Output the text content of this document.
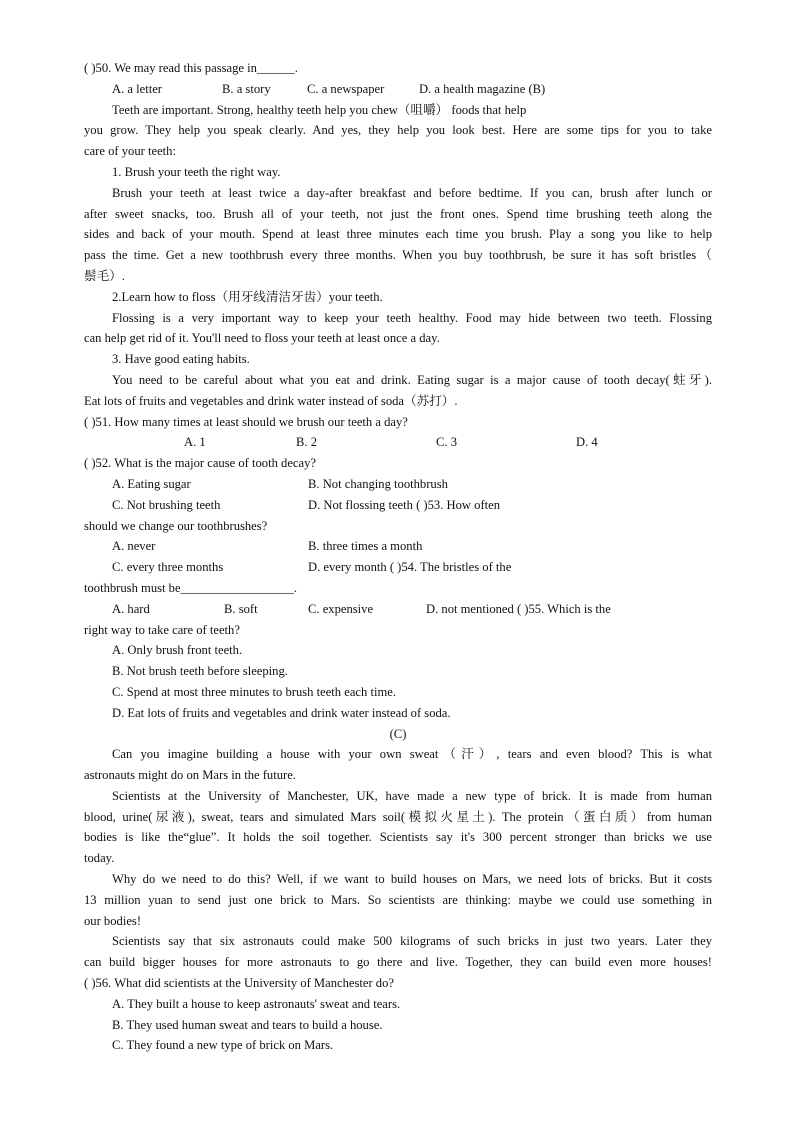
( )50. We may read this passage in______.
A. a letter	B. a story	C. a newspaper	D. a health magazine (B)
Teeth are important. Strong, healthy teeth help you chew（咀嚼） foods that help
you grow. They help you speak clearly. And yes, they help you look best. Here are some tips for you to take
care of your teeth:
1. Brush your teeth the right way.
Brush your teeth at least twice a day-after breakfast and before bedtime. If you can, brush after lunch or
after sweet snacks, too. Brush all of your teeth, not just the front ones. Spend time brushing teeth along the
sides and back of your mouth. Spend at least three minutes each time you brush. Play a song you like to help
pass the time. Get a new toothbrush every three months. When you buy toothbrush, be sure it has soft bristles（
鬃毛）.
2.Learn how to floss（用牙线清洁牙齿）your teeth.
Flossing is a very important way to keep your teeth healthy. Food may hide between two teeth. Flossing
can help get rid of it. You'll need to floss your teeth at least once a day.
3. Have good eating habits.
You need to be careful about what you eat and drink. Eating sugar is a major cause of tooth decay(蛀牙).
Eat lots of fruits and vegetables and drink water instead of soda（苏打）.
( )51. How many times at least should we brush our teeth a day?
A. 1	B. 2	C. 3	D. 4
( )52. What is the major cause of tooth decay?
A. Eating sugar	B. Not changing toothbrush
C. Not brushing teeth	D. Not flossing teeth ( )53. How often
should we change our toothbrushes?
A. never	B. three times a month
C. every three months	D. every month ( )54. The bristles of the
toothbrush must be__________________.
A. hard	B. soft	C. expensive	D. not mentioned ( )55. Which is the
right way to take care of teeth?
A. Only brush front teeth.
B. Not brush teeth before sleeping.
C. Spend at most three minutes to brush teeth each time.
D. Eat lots of fruits and vegetables and drink water instead of soda.
(C)
Can you imagine building a house with your own sweat（汗）, tears and even blood? This is what
astronauts might do on Mars in the future.
Scientists at the University of Manchester, UK, have made a new type of brick. It is made from human
blood, urine(尿液), sweat, tears and simulated Mars soil(模拟火星土). The protein（蛋白质）from human
bodies is like the“glue”. It holds the soil together. Scientists say it's 300 percent stronger than bricks we use
today.
Why do we need to do this? Well, if we want to build houses on Mars, we need lots of bricks. But it costs
13 million yuan to send just one brick to Mars. So scientists are thinking: maybe we could use something in
our bodies!
Scientists say that six astronauts could make 500 kilograms of such bricks in just two years. Later they
can build bigger houses for more astronauts to go there and live. Together, they can build even more houses!
( )56. What did scientists at the University of Manchester do?
A. They built a house to keep astronauts' sweat and tears.
B. They used human sweat and tears to build a house.
C. They found a new type of brick on Mars.
